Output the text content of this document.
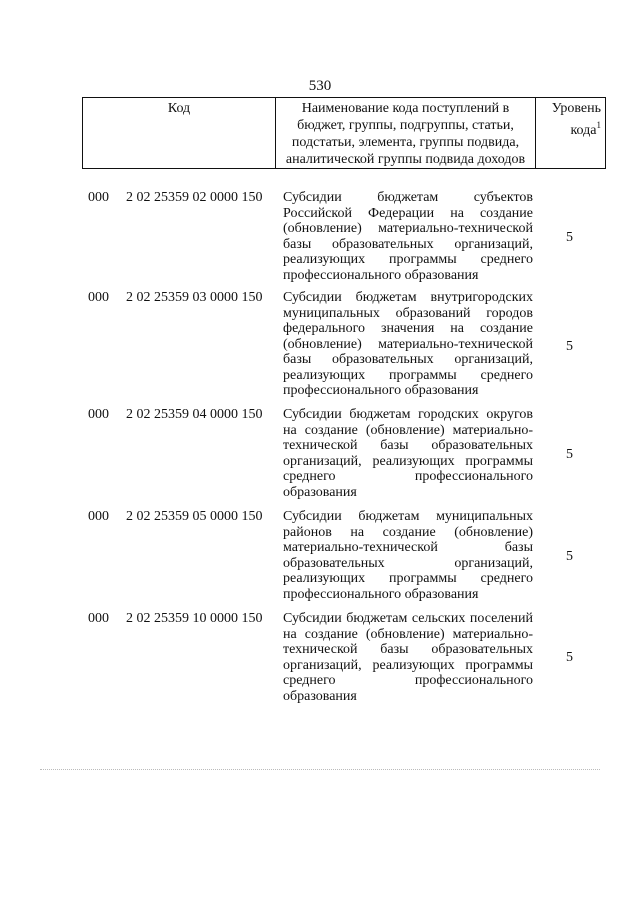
530
Код	Наименование кода поступлений в бюджет, группы, подгруппы, статьи, подстатьи, элемента, группы подвида, аналитической группы подвида доходов
Уровень кода$^1$
000 2 02 25359 02 0000 150 Субсидии бюджетам субъектов Российской Федерации на создание (обновление) материально-технической базы образовательных организаций, реализующих программы среднего профессионального образования
5
000 2 02 25359 03 0000 150 Субсидии бюджетам внутригородских муниципальных образований городов федерального значения на создание (обновление) материально-технической базы образовательных организаций, реализующих программы среднего профессионального образования
5
000 2 02 25359 04 0000 150 Субсидии бюджетам городских округов на создание (обновление) материально-технической базы образовательных организаций, реализующих программы среднего профессионального образования
5
000 2 02 25359 05 0000 150 Субсидии бюджетам муниципальных районов на создание (обновление) материально-технической базы образовательных организаций, реализующих программы среднего профессионального образования
5
000 2 02 25359 10 0000 150 Субсидии бюджетам сельских поселений на создание (обновление) материально-технической базы образовательных организаций, реализующих программы среднего профессионального образования
5
